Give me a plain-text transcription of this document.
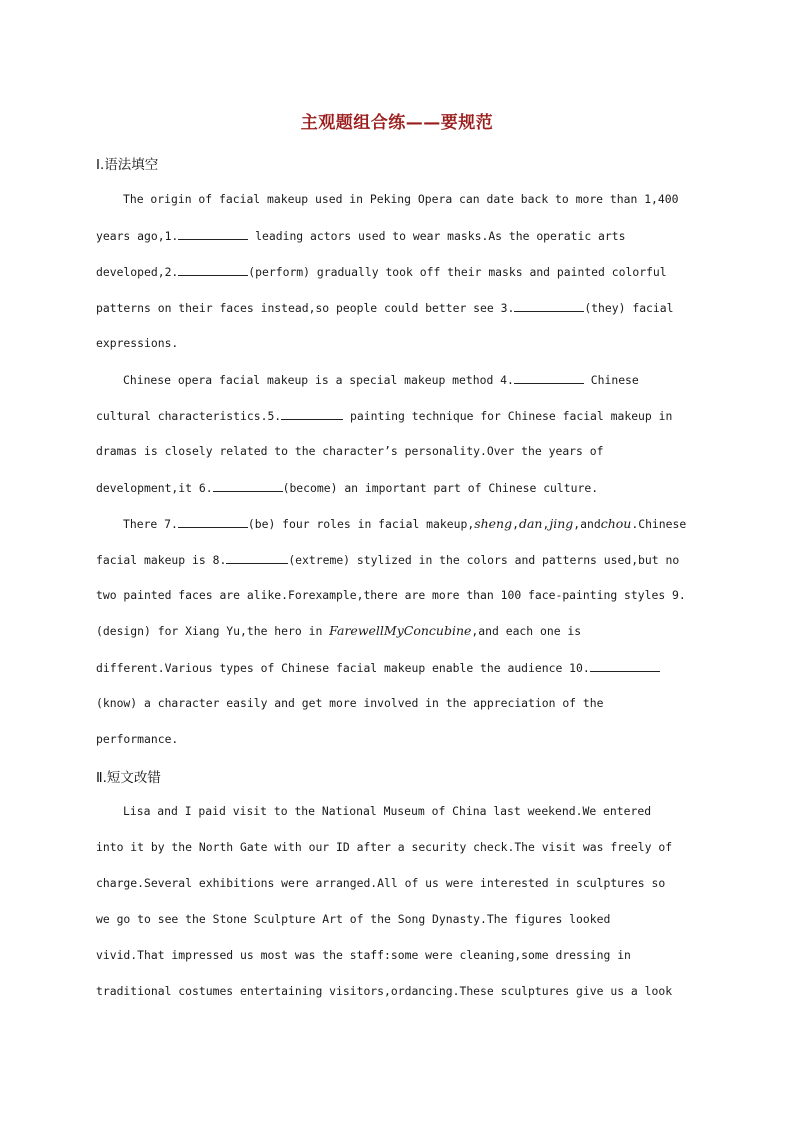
主观题组合练——要规范
Ⅰ.语法填空
The origin of facial makeup used in Peking Opera can date back to more than 1,400
years ago,1.	leading actors used to wear masks.As the operatic arts
developed,2.	(perform) gradually took off their masks and painted colorful
patterns on their faces instead,so people could better see 3.	(they) facial
expressions.
Chinese opera facial makeup is a special makeup method 4.	Chinese
cultural characteristics.5.	painting technique for Chinese facial makeup in
dramas is closely related to the character’s personality.Over the years of
development,it 6.	(become) an important part of Chinese culture.
There 7.	(be) four roles in facial makeup,sheng,dan,jing,andchou.Chinese
facial makeup is 8.	(extreme) stylized in the colors and patterns used,but no
two painted faces are alike.Forexample,there are more than 100 face-painting styles 9.
(design) for Xiang Yu,the hero in FarewellMyConcubine,and each one is
different.Various types of Chinese facial makeup enable the audience 10.
(know) a character easily and get more involved in the appreciation of the
performance.
Ⅱ.短文改错
Lisa and I paid visit to the National Museum of China last weekend.We entered
into it by the North Gate with our ID after a security check.The visit was freely of
charge.Several exhibitions were arranged.All of us were interested in sculptures so
we go to see the Stone Sculpture Art of the Song Dynasty.The figures looked
vivid.That impressed us most was the staff:some were cleaning,some dressing in
traditional costumes entertaining visitors,ordancing.These sculptures give us a look
